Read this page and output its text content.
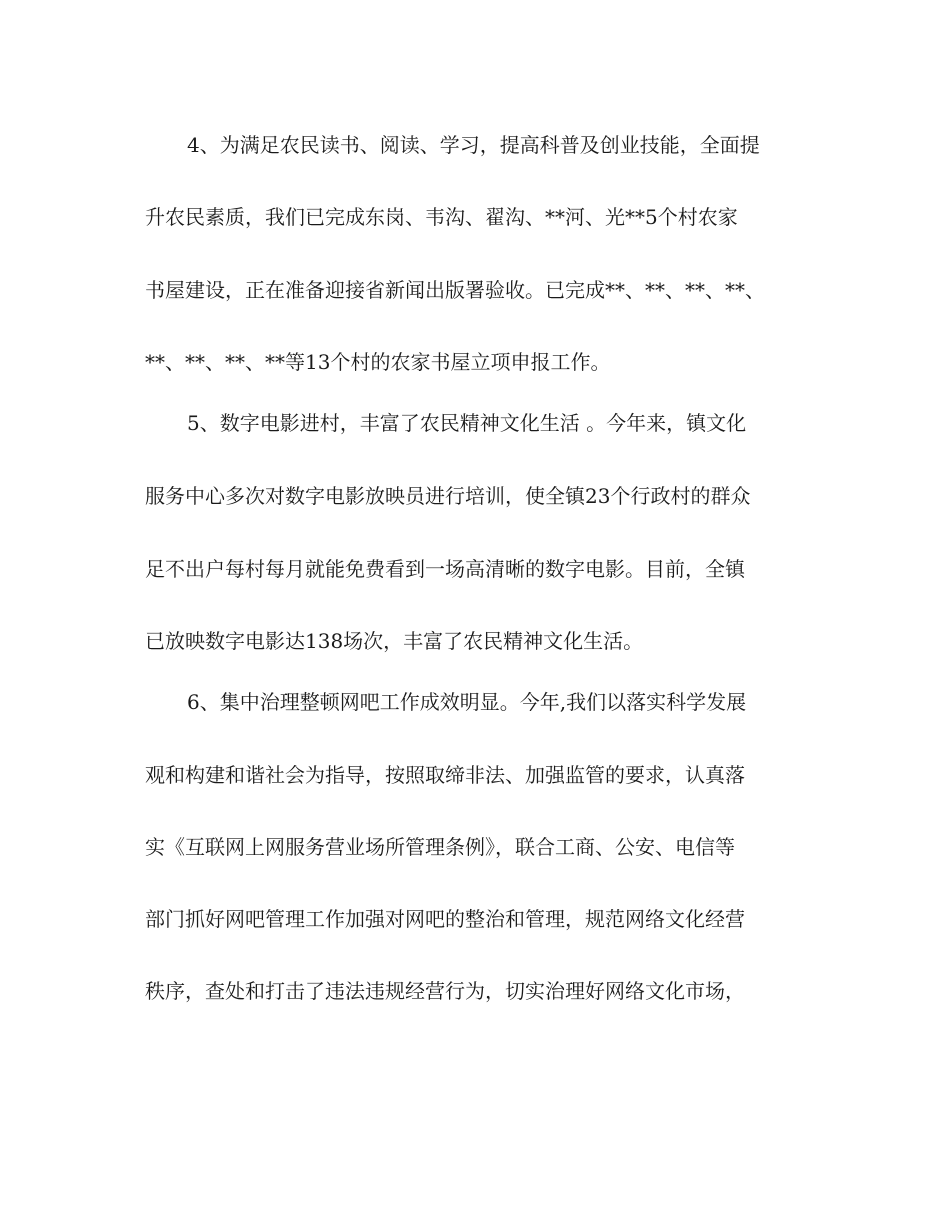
4、为满足农民读书、阅读、学习，提高科普及创业技能，全面提
升农民素质，我们已完成东岗、韦沟、翟沟、**河、光**5个村农家
书屋建设，正在准备迎接省新闻出版署验收。已完成**、**、**、**、
**、**、**、**等13个村的农家书屋立项申报工作。
5、数字电影进村，丰富了农民精神文化生活 。今年来，镇文化
服务中心多次对数字电影放映员进行培训，使全镇23个行政村的群众
足不出户每村每月就能免费看到一场高清晰的数字电影。目前，全镇
已放映数字电影达138场次，丰富了农民精神文化生活。
6、集中治理整顿网吧工作成效明显。今年,我们以落实科学发展
观和构建和谐社会为指导，按照取缔非法、加强监管的要求，认真落
实《互联网上网服务营业场所管理条例》，联合工商、公安、电信等
部门抓好网吧管理工作加强对网吧的整治和管理，规范网络文化经营
秩序，查处和打击了违法违规经营行为，切实治理好网络文化市场，
